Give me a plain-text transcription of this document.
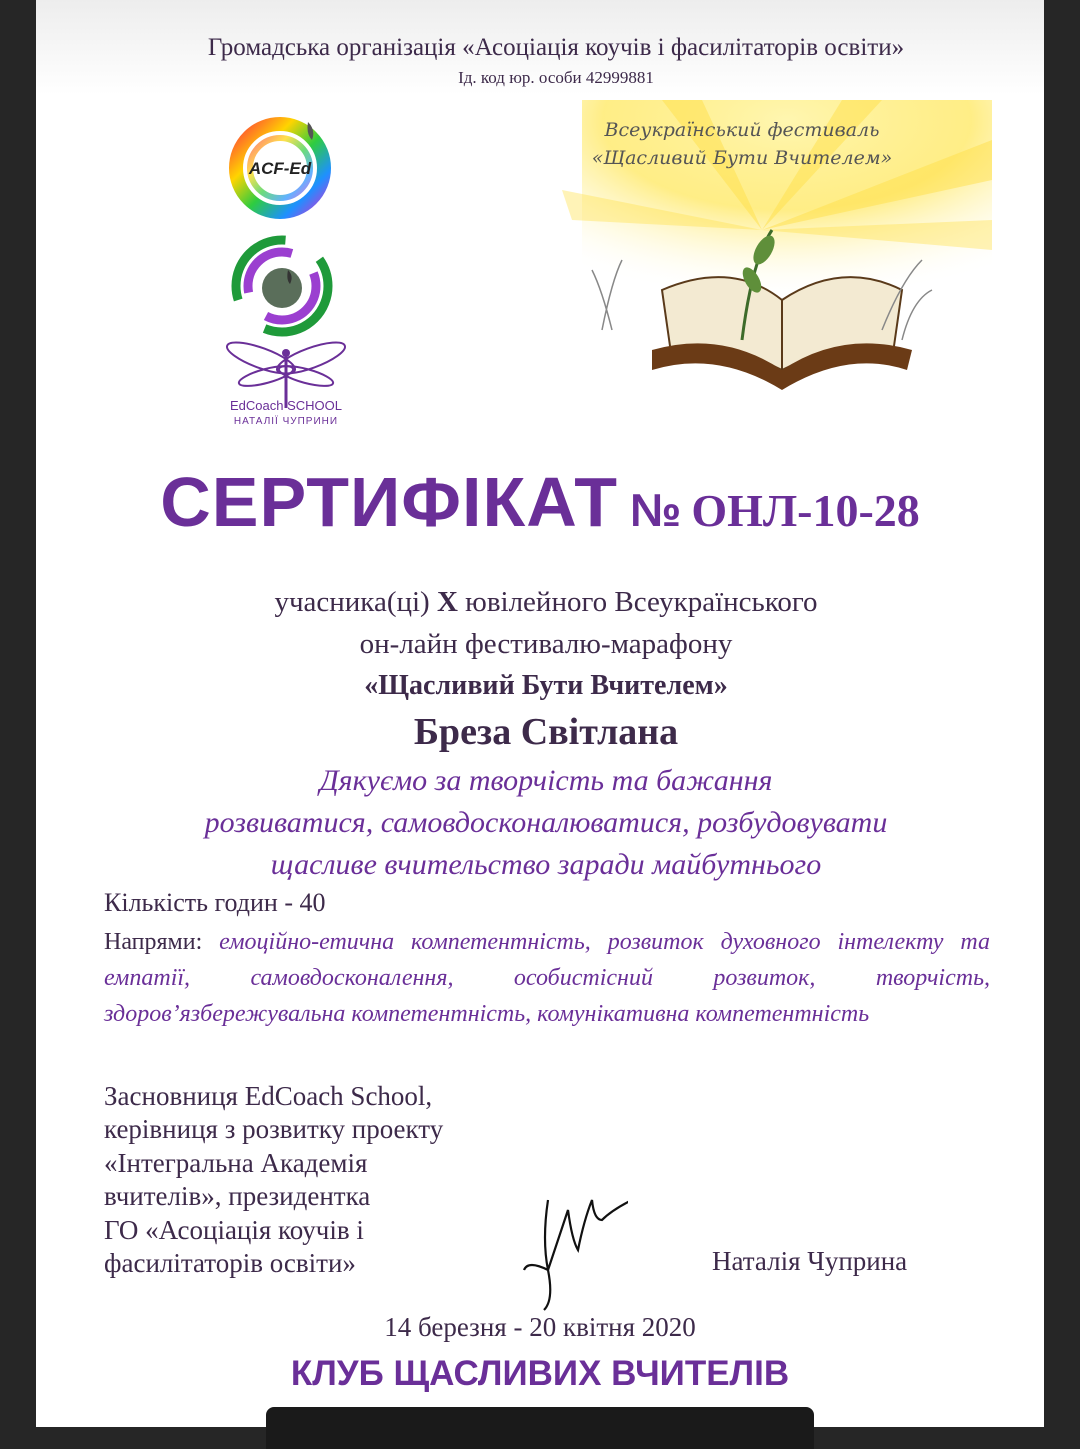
Громадська організація «Асоціація коучів і фасилітаторів освіти»
Ід. код юр. особи 42999881
ACF-Ed
EdCoach SCHOOL
НАТАЛІЇ ЧУПРИНИ
Всеукраїнський фестиваль
«Щасливий Бути Вчителем»
СЕРТИФІКАТ № ОНЛ-10-28
учасника(ці) Х ювілейного Всеукраїнського
он-лайн фестивалю-марафону
«Щасливий Бути Вчителем»
Бреза Світлана
Дякуємо за творчість та бажання
розвиватися, самовдосконалюватися, розбудовувати
щасливе вчительство заради майбутнього
Кількість годин - 40
Напрями: емоційно-етична компетентність, розвиток духовного інтелекту та емпатії, самовдосконалення, особистісний розвиток, творчість, здоров’язбережувальна компетентність, комунікативна компетентність
Засновниця EdCoach School,
керівниця з розвитку проекту
«Інтегральна Академія
вчителів», президентка
ГО «Асоціація коучів і
фасилітаторів освіти»	Наталія Чуприна
14 березня - 20 квітня 2020
КЛУБ ЩАСЛИВИХ ВЧИТЕЛІВ
